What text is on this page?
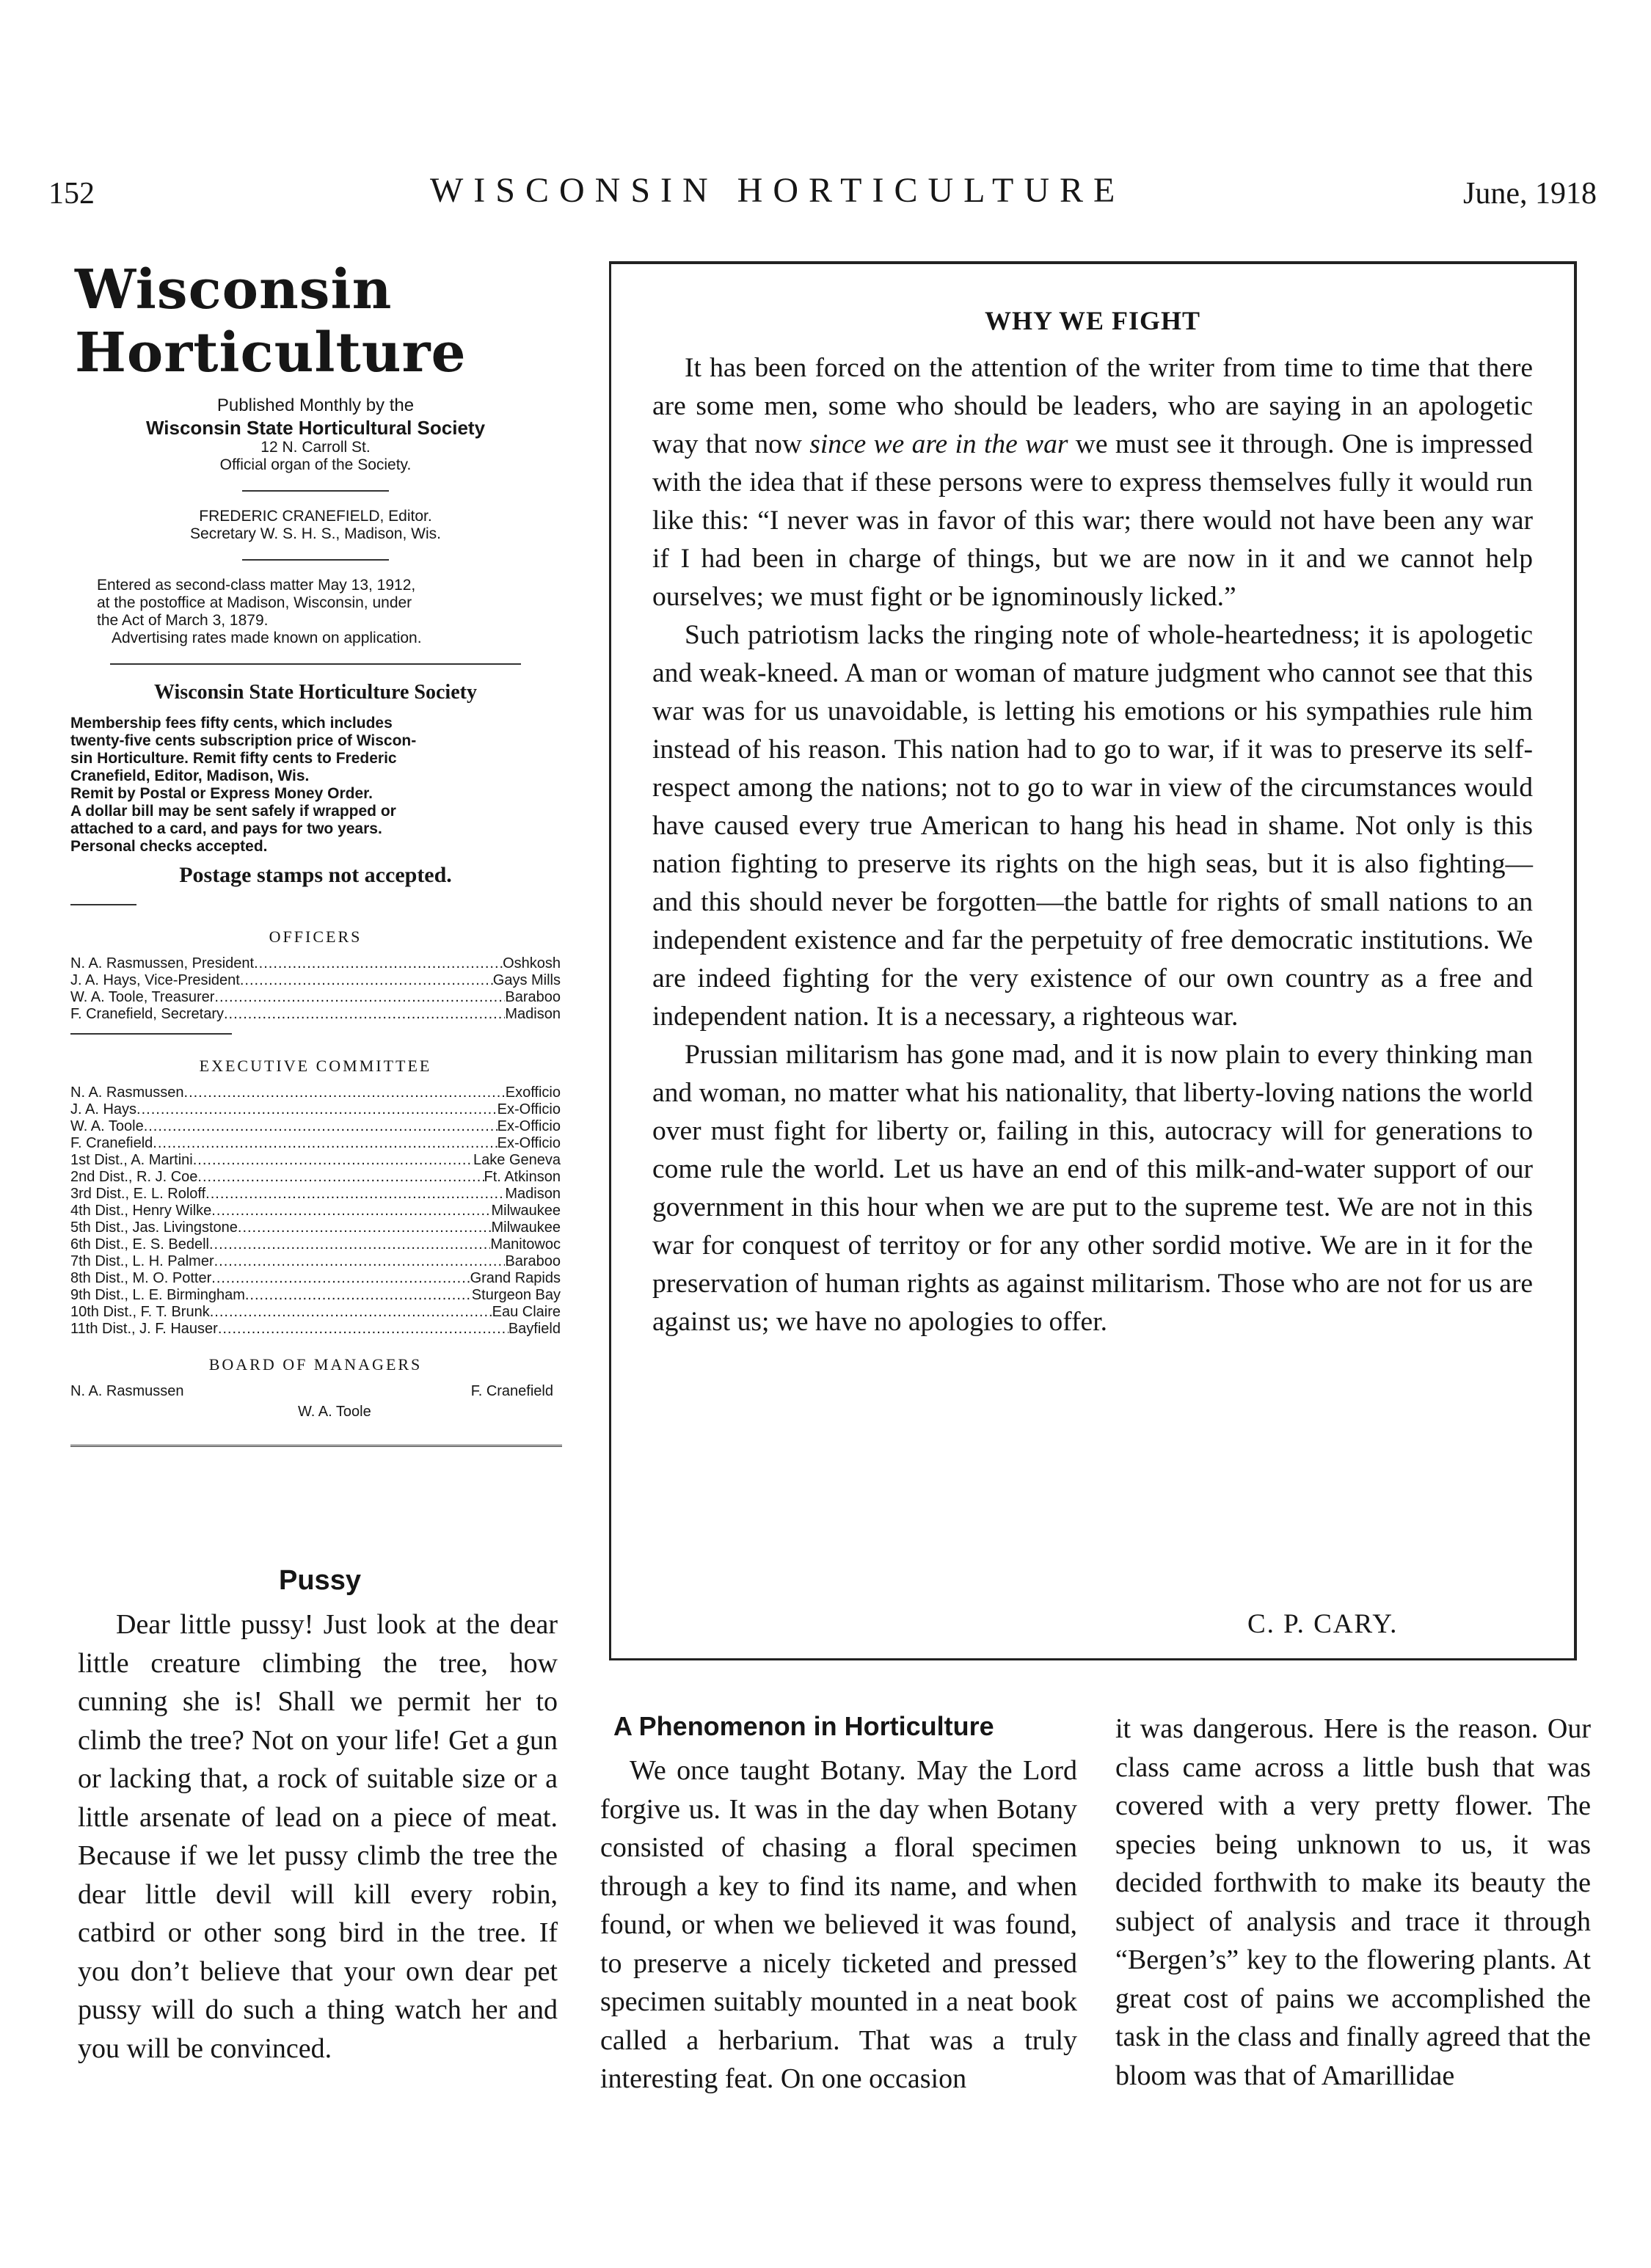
152	WISCONSIN HORTICULTURE	June, 1918
Wisconsin Horticulture
Published Monthly by the
Wisconsin State Horticultural Society
12 N. Carroll St.
Official organ of the Society.
FREDERIC CRANEFIELD, Editor.
Secretary W. S. H. S., Madison, Wis.

Entered as second-class matter May 13, 1912,

at the postoffice at Madison, Wisconsin, under

the Act of March 3, 1879.

Advertising rates made known on application.

Wisconsin State Horticulture Society
Membership fees fifty cents, which includes
twenty-five cents subscription price of Wiscon-
sin Horticulture. Remit fifty cents to Frederic
Cranefield, Editor, Madison, Wis.
Remit by Postal or Express Money Order.
A dollar bill may be sent safely if wrapped or
attached to a card, and pays for two years.
Personal checks accepted.
Postage stamps not accepted.
OFFICERS
N. A. Rasmussen, President .....	Oshkosh
J. A. Hays, Vice-President .....	Gays Mills
W. A. Toole, Treasurer .....	Baraboo
F. Cranefield, Secretary .....	Madison
EXECUTIVE COMMITTEE
N. A. Rasmussen .....	Exofficio
J. A. Hays .....	Ex-Officio
W. A. Toole .....	Ex-Officio
F. Cranefield .....	Ex-Officio
1st Dist., A. Martini .....	Lake Geneva
2nd Dist., R. J. Coe .....	Ft. Atkinson
3rd Dist., E. L. Roloff .....	Madison
4th Dist., Henry Wilke .....	Milwaukee
5th Dist., Jas. Livingstone .....	Milwaukee
6th Dist., E. S. Bedell .....	Manitowoc
7th Dist., L. H. Palmer .....	Baraboo
8th Dist., M. O. Potter .....	Grand Rapids
9th Dist., L. E. Birmingham .....	Sturgeon Bay
10th Dist., F. T. Brunk .....	Eau Claire
11th Dist., J. F. Hauser .....	Bayfield
BOARD OF MANAGERS
N. A. Rasmussen	F. Cranefield
W. A. Toole
WHY WE FIGHT

It has been forced on the attention of the writer from time to time that there are some men, some who should be leaders, who are saying in an apologetic way that now since we are in the war we must see it through. One is impressed with the idea that if these persons were to express themselves fully it would run like this: “I never was in favor of this war; there would not have been any war if I had been in charge of things, but we are now in it and we cannot help ourselves; we must fight or be ignominously licked.”

Such patriotism lacks the ringing note of whole-heartedness; it is apologetic and weak-kneed. A man or woman of mature judgment who cannot see that this war was for us unavoidable, is letting his emotions or his sympathies rule him instead of his reason. This nation had to go to war, if it was to preserve its self-respect among the nations; not to go to war in view of the circumstances would have caused every true American to hang his head in shame. Not only is this nation fighting to preserve its rights on the high seas, but it is also fighting—and this should never be forgotten—the battle for rights of small nations to an independent existence and far the perpetuity of free democratic institutions. We are indeed fighting for the very existence of our own country as a free and independent nation. It is a necessary, a righteous war.

Prussian militarism has gone mad, and it is now plain to every thinking man and woman, no matter what his nationality, that liberty-loving nations the world over must fight for liberty or, failing in this, autocracy will for generations to come rule the world. Let us have an end of this milk-and-water support of our government in this hour when we are put to the supreme test. We are not in this war for conquest of territoy or for any other sordid motive. We are in it for the preservation of human rights as against militarism. Those who are not for us are against us; we have no apologies to offer.

C. P. CARY.
Pussy

Dear little pussy! Just look at the dear little creature climbing the tree, how cunning she is! Shall we permit her to climb the tree? Not on your life! Get a gun or lacking that, a rock of suitable size or a little arsenate of lead on a piece of meat. Because if we let pussy climb the tree the dear little devil will kill every robin, catbird or other song bird in the tree. If you don’t believe that your own dear pet pussy will do such a thing watch her and you will be convinced.

A Phenomenon in Horticulture

We once taught Botany. May the Lord forgive us. It was in the day when Botany consisted of chasing a floral specimen through a key to find its name, and when found, or when we believed it was found, to preserve a nicely ticketed and pressed specimen suitably mounted in a neat book called a herbarium. That was a truly interesting feat. On one occasion

it was dangerous. Here is the reason. Our class came across a little bush that was covered with a very pretty flower. The species being unknown to us, it was decided forthwith to make its beauty the subject of analysis and trace it through “Bergen’s” key to the flowering plants. At great cost of pains we accomplished the task in the class and finally agreed that the bloom was that of Amarillidae
